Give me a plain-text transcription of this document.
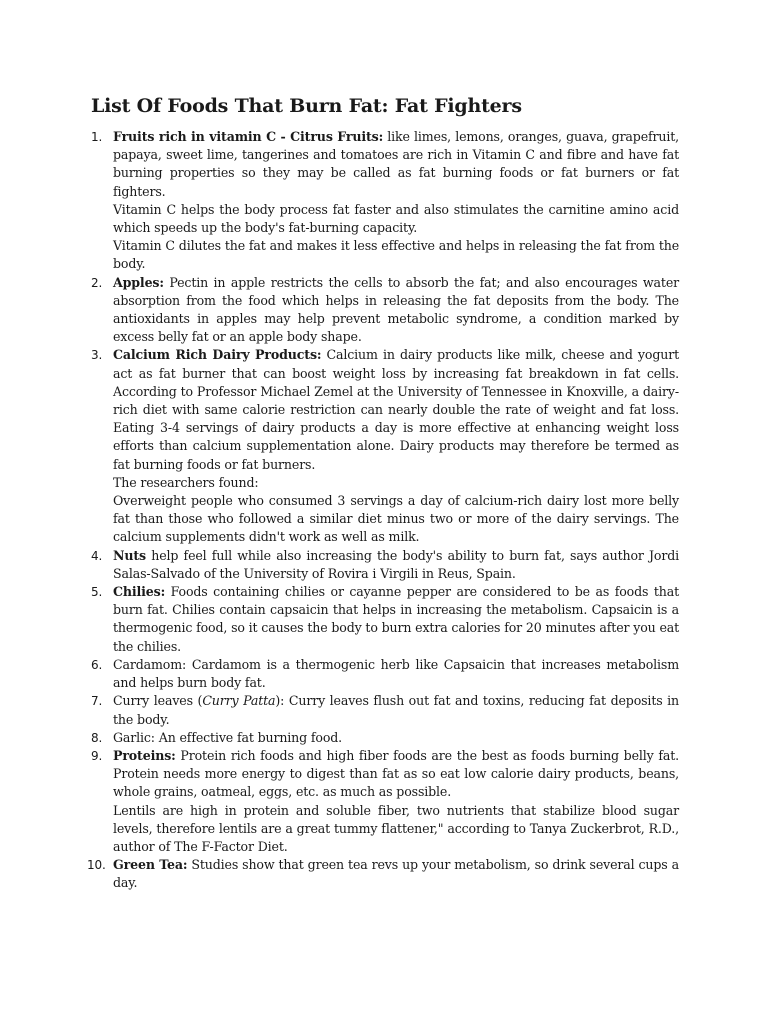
List Of Foods That Burn Fat: Fat Fighters
1. Fruits rich in vitamin C - Citrus Fruits: like limes, lemons, oranges, guava, grapefruit, papaya, sweet lime, tangerines and tomatoes are rich in Vitamin C and fibre and have fat burning properties so they may be called as fat burning foods or fat burners or fat fighters.
Vitamin C helps the body process fat faster and also stimulates the carnitine amino acid which speeds up the body's fat-burning capacity.
Vitamin C dilutes the fat and makes it less effective and helps in releasing the fat from the body.
2. Apples: Pectin in apple restricts the cells to absorb the fat; and also encourages water absorption from the food which helps in releasing the fat deposits from the body. The antioxidants in apples may help prevent metabolic syndrome, a condition marked by excess belly fat or an apple body shape.
3. Calcium Rich Dairy Products: Calcium in dairy products like milk, cheese and yogurt act as fat burner that can boost weight loss by increasing fat breakdown in fat cells. According to Professor Michael Zemel at the University of Tennessee in Knoxville, a dairy-rich diet with same calorie restriction can nearly double the rate of weight and fat loss. Eating 3-4 servings of dairy products a day is more effective at enhancing weight loss efforts than calcium supplementation alone. Dairy products may therefore be termed as fat burning foods or fat burners.
The researchers found:
Overweight people who consumed 3 servings a day of calcium-rich dairy lost more belly fat than those who followed a similar diet minus two or more of the dairy servings. The calcium supplements didn't work as well as milk.
4. Nuts help feel full while also increasing the body's ability to burn fat, says author Jordi Salas-Salvado of the University of Rovira i Virgili in Reus, Spain.
5. Chilies: Foods containing chilies or cayanne pepper are considered to be as foods that burn fat. Chilies contain capsaicin that helps in increasing the metabolism. Capsaicin is a thermogenic food, so it causes the body to burn extra calories for 20 minutes after you eat the chilies.
6. Cardamom: Cardamom is a thermogenic herb like Capsaicin that increases metabolism and helps burn body fat.
7. Curry leaves (Curry Patta): Curry leaves flush out fat and toxins, reducing fat deposits in the body.
8. Garlic: An effective fat burning food.
9. Proteins: Protein rich foods and high fiber foods are the best as foods burning belly fat. Protein needs more energy to digest than fat as so eat low calorie dairy products, beans, whole grains, oatmeal, eggs, etc. as much as possible.
Lentils are high in protein and soluble fiber, two nutrients that stabilize blood sugar levels, therefore lentils are a great tummy flattener," according to Tanya Zuckerbrot, R.D., author of The F-Factor Diet.
10. Green Tea: Studies show that green tea revs up your metabolism, so drink several cups a day.
